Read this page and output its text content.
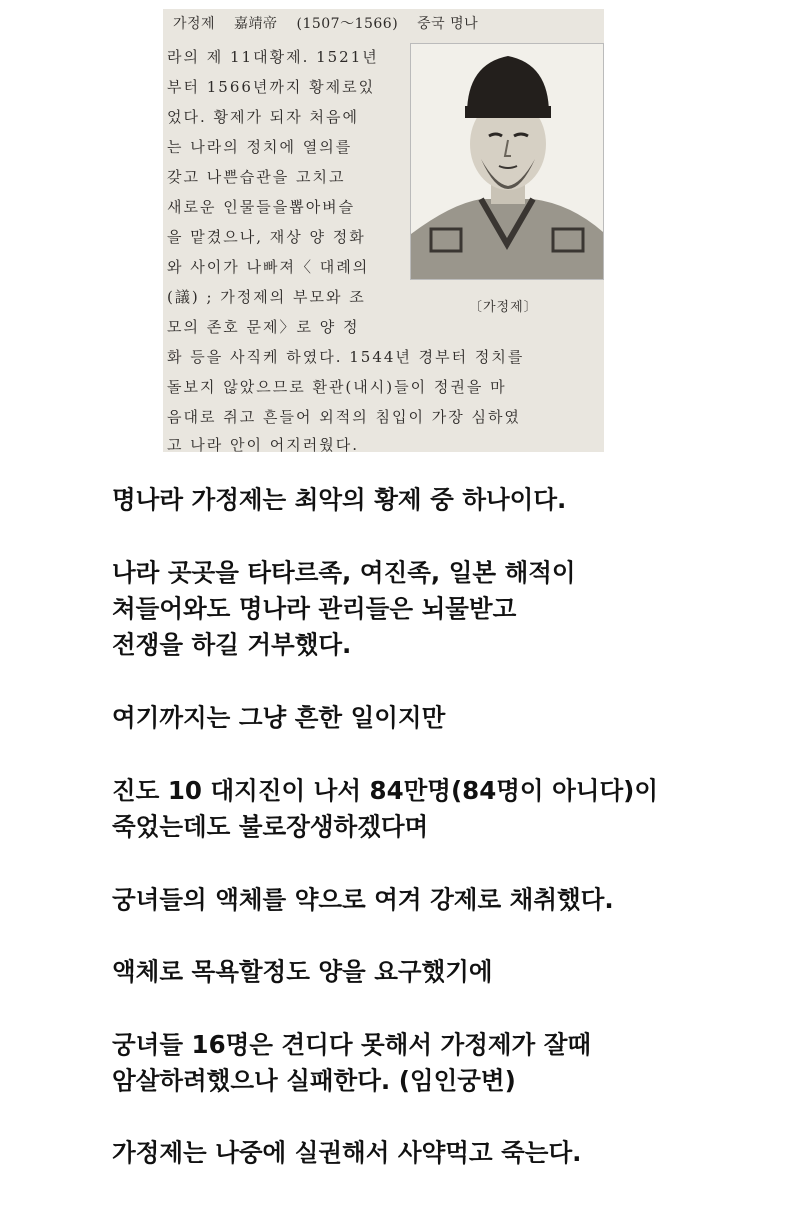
가정제 嘉靖帝 (1507～1566) 중국 명나
라의 제 11대황제. 1521년
부터 1566년까지 황제로있
었다. 황제가 되자 처음에
는 나라의 정치에 열의를
갖고 나쁜습관을 고치고
새로운 인물들을뽑아벼슬
을 맡겼으나, 재상 양 정화
와 사이가 나빠져〈 대례의
(議) ; 가정제의 부모와 조
모의 존호 문제〉로 양 정
화 등을 사직케 하였다. 1544년 경부터 정치를
돌보지 않았으므로 환관(내시)들이 정권을 마
음대로 쥐고 흔들어 외적의 침입이 가장 심하였
고 나라 안이 어지러웠다.
〔가정제〕

명나라 가정제는 최악의 황제 중 하나이다.

나라 곳곳을 타타르족, 여진족, 일본 해적이
쳐들어와도 명나라 관리들은 뇌물받고
전쟁을 하길 거부했다.

여기까지는 그냥 흔한 일이지만

진도 10 대지진이 나서 84만명(84명이 아니다)이
죽었는데도 불로장생하겠다며

궁녀들의 액체를 약으로 여겨 강제로 채취했다.

액체로 목욕할정도 양을 요구했기에

궁녀들 16명은 견디다 못해서 가정제가 잘때
암살하려했으나 실패한다. (임인궁변)

가정제는 나중에 실권해서 사약먹고 죽는다.
